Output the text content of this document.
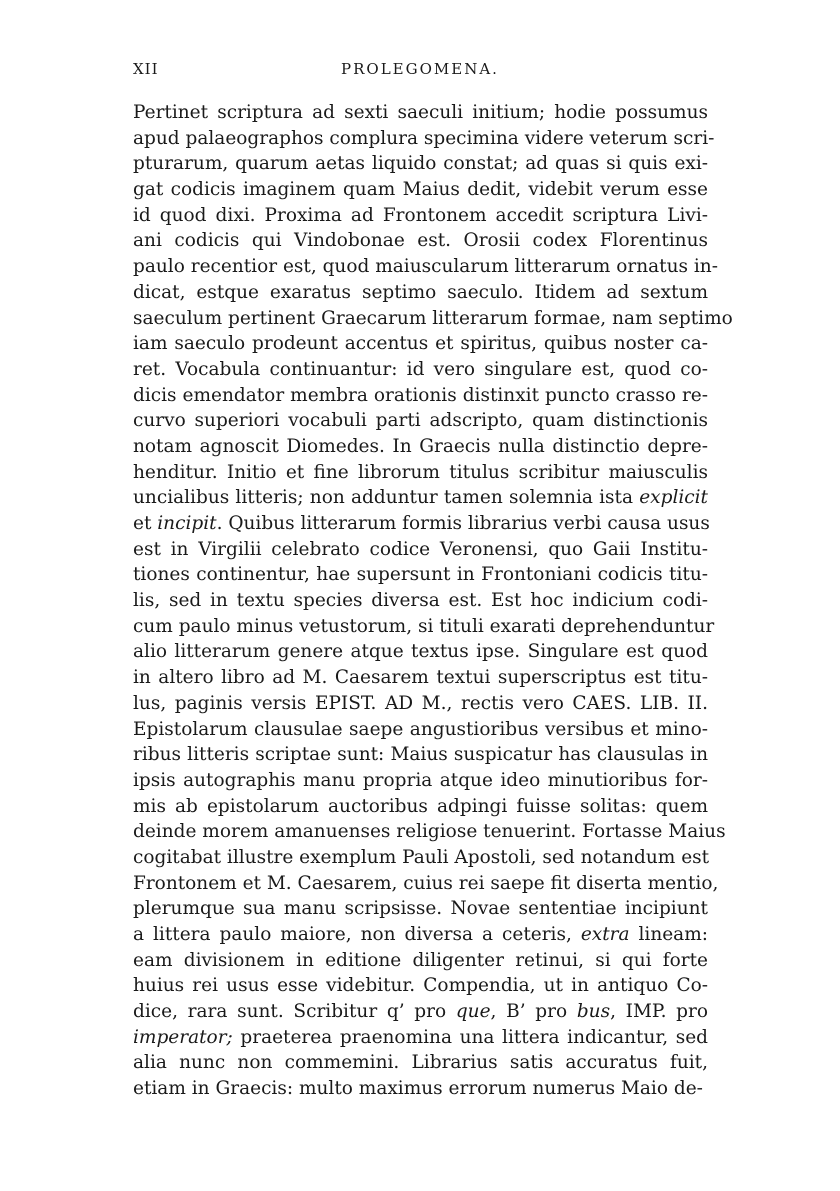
XII	PROLEGOMENA.
Pertinet scriptura ad sexti saeculi initium; hodie possumus
apud palaeographos complura specimina videre veterum scri-
pturarum, quarum aetas liquido constat; ad quas si quis exi-
gat codicis imaginem quam Maius dedit, videbit verum esse
id quod dixi. Proxima ad Frontonem accedit scriptura Livi-
ani codicis qui Vindobonae est. Orosii codex Florentinus
paulo recentior est, quod maiuscularum litterarum ornatus in-
dicat, estque exaratus septimo saeculo. Itidem ad sextum
saeculum pertinent Graecarum litterarum formae, nam septimo
iam saeculo prodeunt accentus et spiritus, quibus noster ca-
ret. Vocabula continuantur: id vero singulare est, quod co-
dicis emendator membra orationis distinxit puncto crasso re-
curvo superiori vocabuli parti adscripto, quam distinctionis
notam agnoscit Diomedes. In Graecis nulla distinctio depre-
henditur. Initio et fine librorum titulus scribitur maiusculis
uncialibus litteris; non adduntur tamen solemnia ista explicit
et incipit. Quibus litterarum formis librarius verbi causa usus
est in Virgilii celebrato codice Veronensi, quo Gaii Institu-
tiones continentur, hae supersunt in Frontoniani codicis titu-
lis, sed in textu species diversa est. Est hoc indicium codi-
cum paulo minus vetustorum, si tituli exarati deprehenduntur
alio litterarum genere atque textus ipse. Singulare est quod
in altero libro ad M. Caesarem textui superscriptus est titu-
lus, paginis versis EPIST. AD M., rectis vero CAES. LIB. II.
Epistolarum clausulae saepe angustioribus versibus et mino-
ribus litteris scriptae sunt: Maius suspicatur has clausulas in
ipsis autographis manu propria atque ideo minutioribus for-
mis ab epistolarum auctoribus adpingi fuisse solitas: quem
deinde morem amanuenses religiose tenuerint. Fortasse Maius
cogitabat illustre exemplum Pauli Apostoli, sed notandum est
Frontonem et M. Caesarem, cuius rei saepe fit diserta mentio,
plerumque sua manu scripsisse. Novae sententiae incipiunt
a littera paulo maiore, non diversa a ceteris, extra lineam:
eam divisionem in editione diligenter retinui, si qui forte
huius rei usus esse videbitur. Compendia, ut in antiquo Co-
dice, rara sunt. Scribitur q’ pro que, B’ pro bus, IMP. pro
imperator; praeterea praenomina una littera indicantur, sed
alia nunc non commemini. Librarius satis accuratus fuit,
etiam in Graecis: multo maximus errorum numerus Maio de-
